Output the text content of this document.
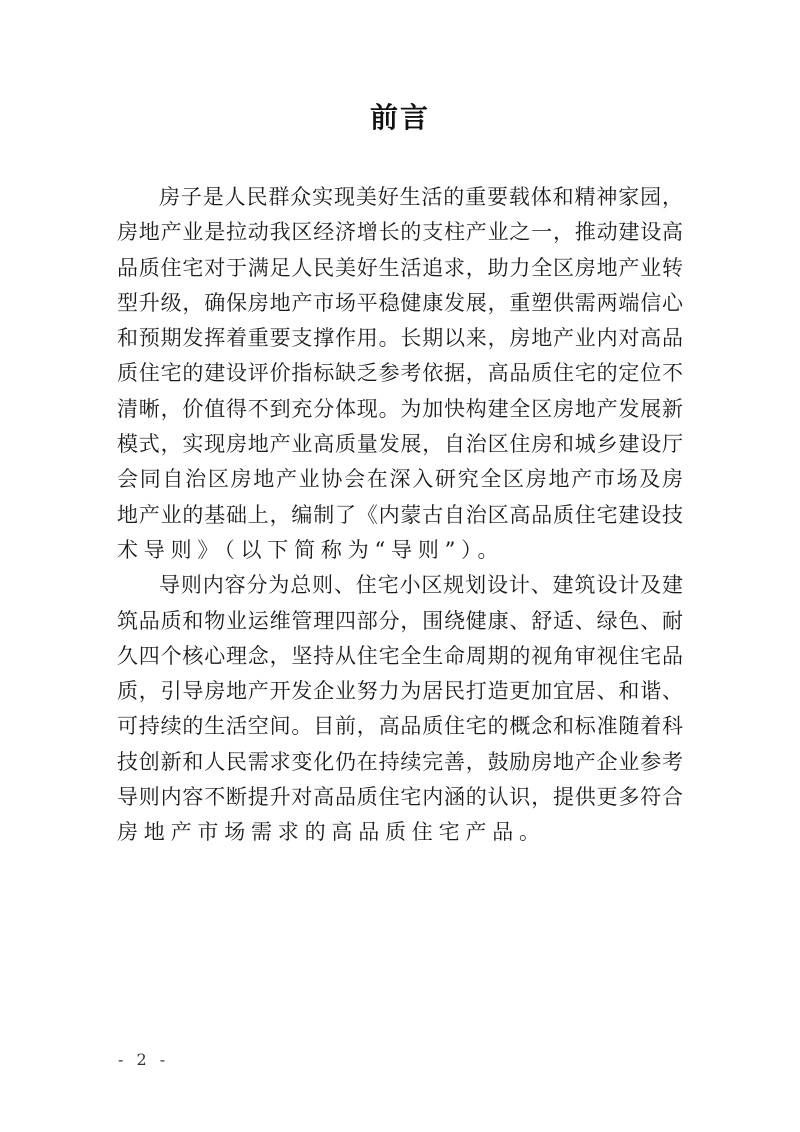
前言
房子是人民群众实现美好生活的重要载体和精神家园，
房地产业是拉动我区经济增长的支柱产业之一，推动建设高
品质住宅对于满足人民美好生活追求，助力全区房地产业转
型升级，确保房地产市场平稳健康发展，重塑供需两端信心
和预期发挥着重要支撑作用。长期以来，房地产业内对高品
质住宅的建设评价指标缺乏参考依据，高品质住宅的定位不
清晰，价值得不到充分体现。为加快构建全区房地产发展新
模式，实现房地产业高质量发展，自治区住房和城乡建设厅
会同自治区房地产业协会在深入研究全区房地产市场及房
地产业的基础上，编制了《内蒙古自治区高品质住宅建设技
术导则》（以下简称为“导则”）。
导则内容分为总则、住宅小区规划设计、建筑设计及建
筑品质和物业运维管理四部分，围绕健康、舒适、绿色、耐
久四个核心理念，坚持从住宅全生命周期的视角审视住宅品
质，引导房地产开发企业努力为居民打造更加宜居、和谐、
可持续的生活空间。目前，高品质住宅的概念和标准随着科
技创新和人民需求变化仍在持续完善，鼓励房地产企业参考
导则内容不断提升对高品质住宅内涵的认识，提供更多符合
房地产市场需求的高品质住宅产品。
- 2 -
